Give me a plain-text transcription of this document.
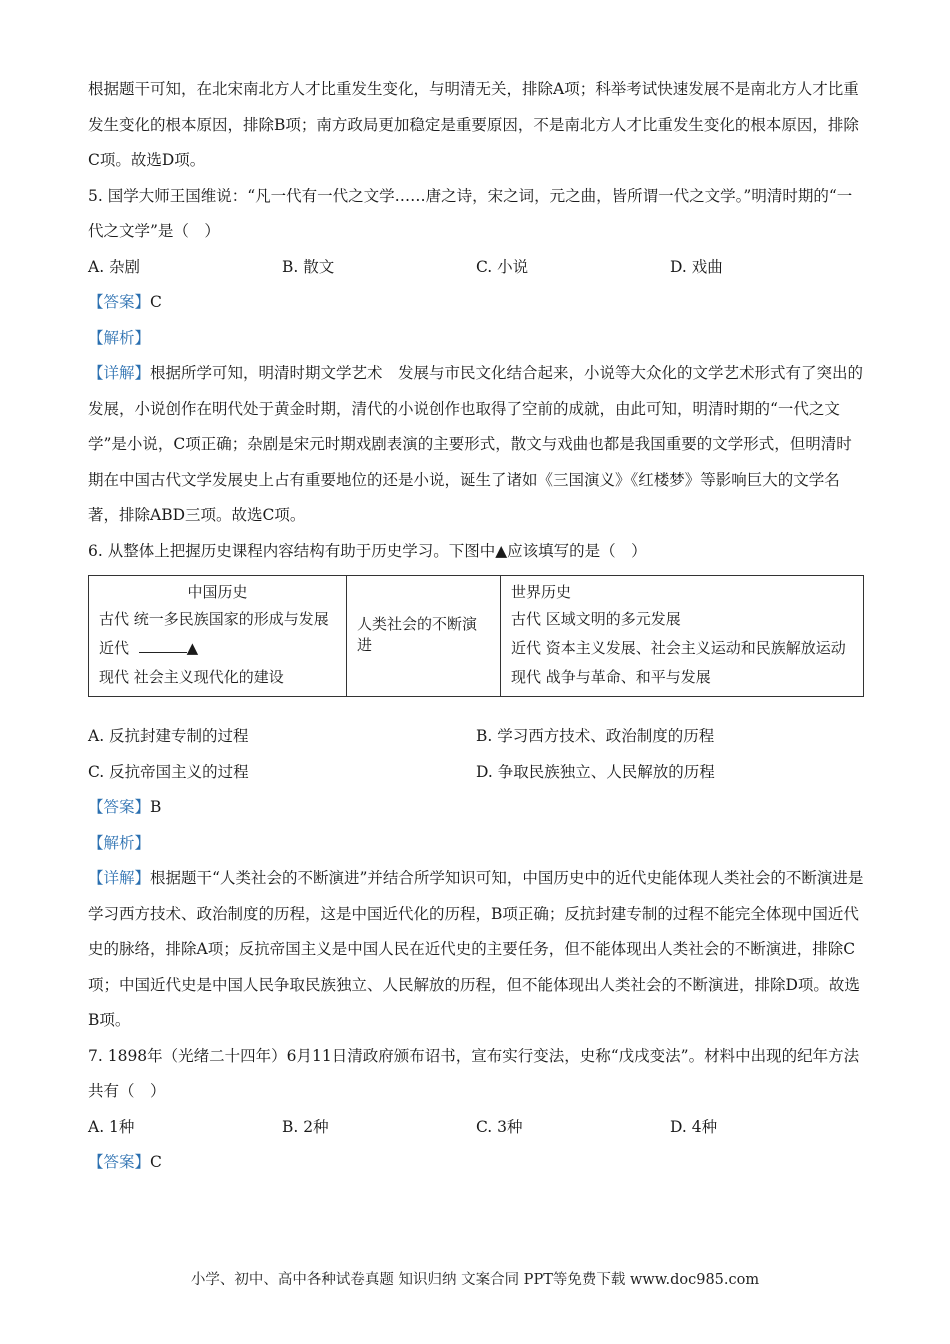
根据题干可知，在北宋南北方人才比重发生变化，与明清无关，排除A项；科举考试快速发展不是南北方人才比重发生变化的根本原因，排除B项；南方政局更加稳定是重要原因，不是南北方人才比重发生变化的根本原因，排除C项。故选D项。

5. 国学大师王国维说：“凡一代有一代之文学……唐之诗，宋之词，元之曲，皆所谓一代之文学。”明清时期的“一代之文学”是（　）

A. 杂剧	B. 散文	C. 小说	D. 戏曲

【答案】C

【解析】

【详解】根据所学可知，明清时期文学艺术　发展与市民文化结合起来，小说等大众化的文学艺术形式有了突出的发展，小说创作在明代处于黄金时期，清代的小说创作也取得了空前的成就，由此可知，明清时期的“一代之文学”是小说，C项正确；杂剧是宋元时期戏剧表演的主要形式，散文与戏曲也都是我国重要的文学形式，但明清时期在中国古代文学发展史上占有重要地位的还是小说，诞生了诸如《三国演义》《红楼梦》等影响巨大的文学名著，排除ABD三项。故选C项。

6. 从整体上把握历史课程内容结构有助于历史学习。下图中▲应该填写的是（　）

中国历史
古代 统一多民族国家的形成与发展
近代	▲
现代 社会主义现代化的建设
	人类社会的不断演进	
世界历史
古代 区域文明的多元发展
近代 资本主义发展、社会主义运动和民族解放运动
现代 战争与革命、和平与发展
A. 反抗封建专制的过程	B. 学习西方技术、政治制度的历程
C. 反抗帝国主义的过程	D. 争取民族独立、人民解放的历程

【答案】B

【解析】

【详解】根据题干“人类社会的不断演进”并结合所学知识可知，中国历史中的近代史能体现人类社会的不断演进是学习西方技术、政治制度的历程，这是中国近代化的历程，B项正确；反抗封建专制的过程不能完全体现中国近代史的脉络，排除A项；反抗帝国主义是中国人民在近代史的主要任务，但不能体现出人类社会的不断演进，排除C项；中国近代史是中国人民争取民族独立、人民解放的历程，但不能体现出人类社会的不断演进，排除D项。故选B项。

7. 1898年（光绪二十四年）6月11日清政府颁布诏书，宣布实行变法，史称“戊戌变法”。材料中出现的纪年方法共有（　）

A. 1种	B. 2种	C. 3种	D. 4种

【答案】C

小学、初中、高中各种试卷真题 知识归纳 文案合同 PPT等免费下载 www.doc985.com
